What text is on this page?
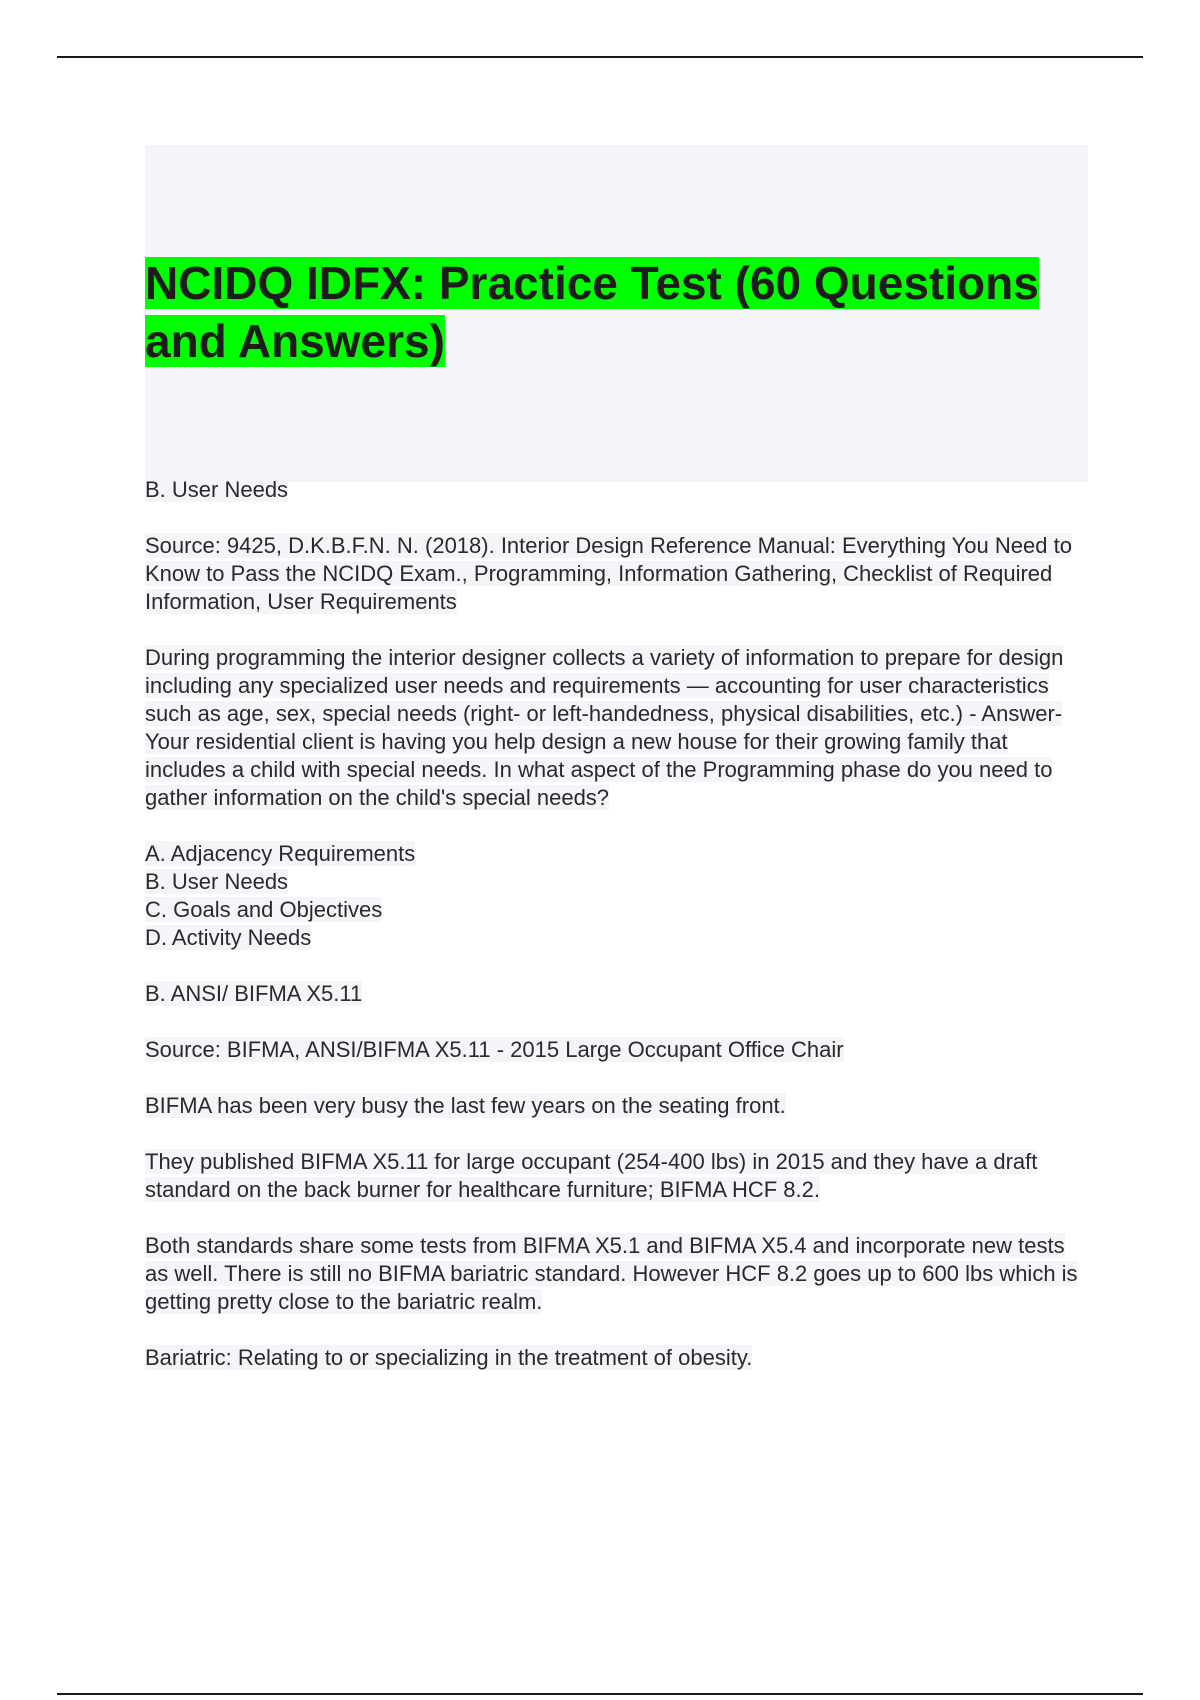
NCIDQ IDFX: Practice Test (60 Questions and Answers)

B. User Needs

Source: 9425, D.K.B.F.N. N. (2018). Interior Design Reference Manual: Everything You Need to Know to Pass the NCIDQ Exam., Programming, Information Gathering, Checklist of Required Information, User Requirements

During programming the interior designer collects a variety of information to prepare for design including any specialized user needs and requirements — accounting for user characteristics such as age, sex, special needs (right- or left-handedness, physical disabilities, etc.) - Answer- Your residential client is having you help design a new house for their growing family that includes a child with special needs. In what aspect of the Programming phase do you need to gather information on the child's special needs?

A. Adjacency Requirements
B. User Needs
C. Goals and Objectives
D. Activity Needs

B. ANSI/ BIFMA X5.11

Source: BIFMA, ANSI/BIFMA X5.11 - 2015 Large Occupant Office Chair

BIFMA has been very busy the last few years on the seating front.

They published BIFMA X5.11 for large occupant (254-400 lbs) in 2015 and they have a draft standard on the back burner for healthcare furniture; BIFMA HCF 8.2.

Both standards share some tests from BIFMA X5.1 and BIFMA X5.4 and incorporate new tests as well. There is still no BIFMA bariatric standard. However HCF 8.2 goes up to 600 lbs which is getting pretty close to the bariatric realm.

Bariatric: Relating to or specializing in the treatment of obesity.
